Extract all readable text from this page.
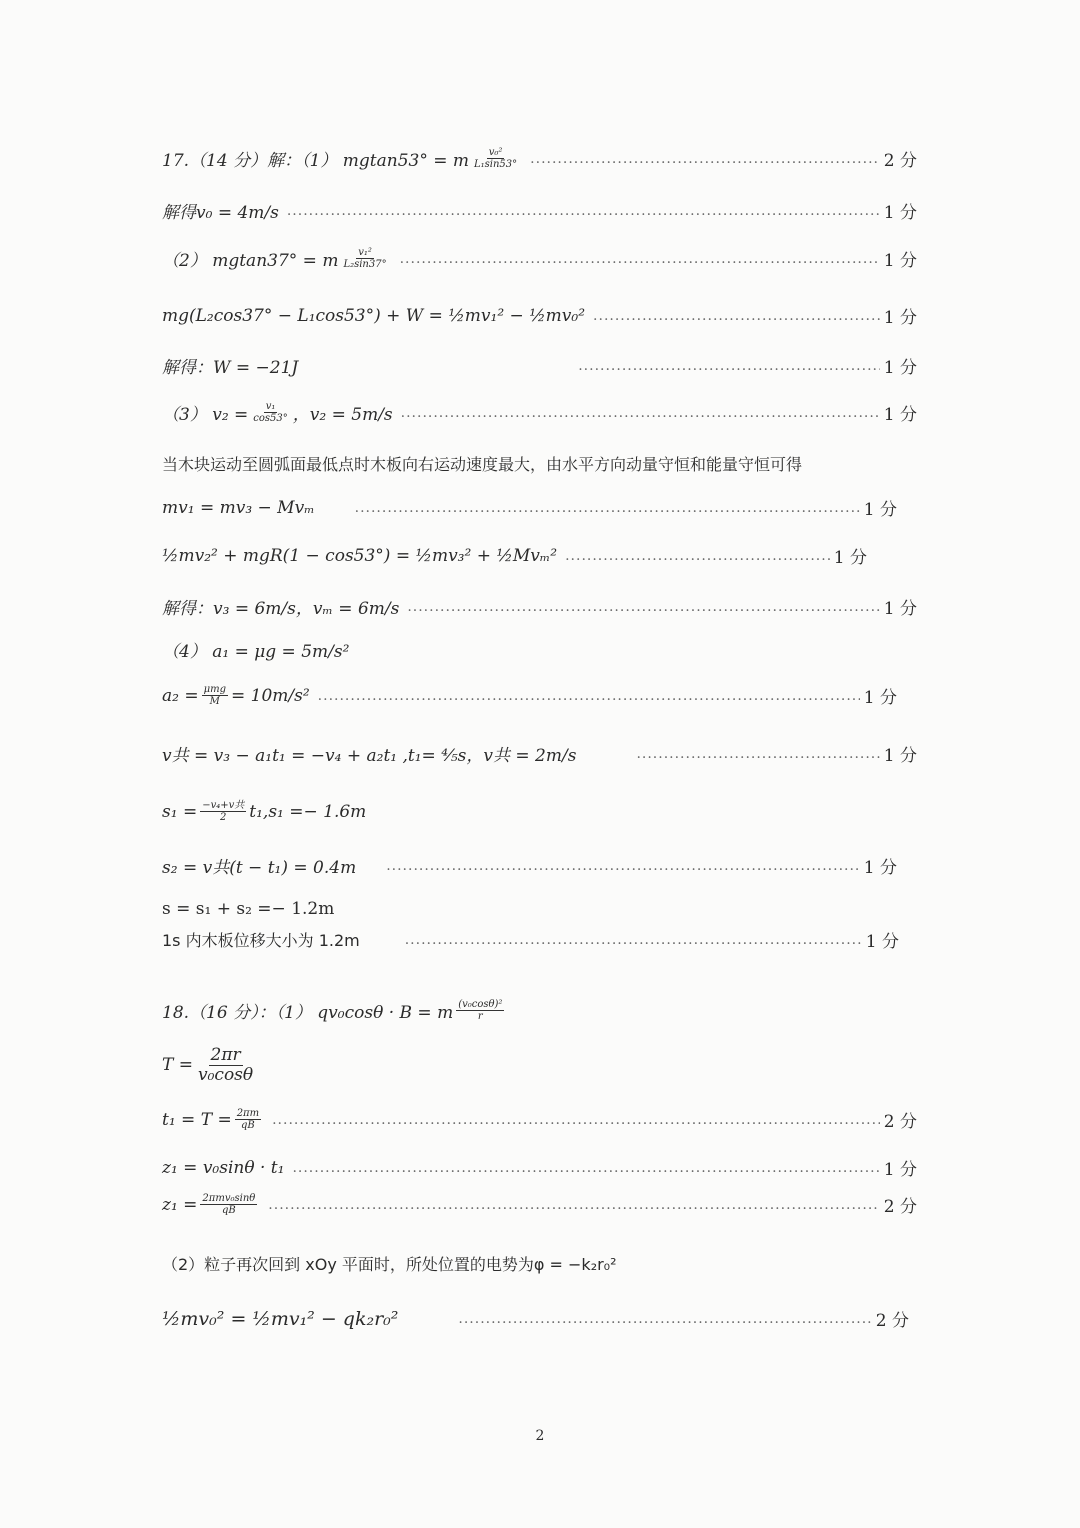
17.（14 分）解：（1） mgtan53° = m $\frac{\text{v₀²}}{\text{L₁sin53°}}$ .....	2 分
解得v₀ = 4m/s .....	1 分
（2） mgtan37° = m $\frac{\text{v₁²}}{\text{L₂sin37°}}$ .....	1 分
mg(L₂cos37° − L₁cos53°) + W = ½mv₁² − ½mv₀² .....	1 分
解得：W = −21J .....	1 分
（3） $v_2 = \frac{\text{v₁}}{\cos 53^\circ}$ ，v₂ = 5m/s .....	1 分
当木块运动至圆弧面最低点时木板向右运动速度最大，由水平方向动量守恒和能量守恒可得
mv₁ = mv₃ − Mvₘ .....	1 分
½mv₂² + mgR(1 − cos53°) = ½mv₃² + ½Mvₘ² .....	1 分
解得：v₃ = 6m/s，vₘ = 6m/s .....	1 分
（4） a₁ = μg = 5m/s²
$a_2 = \frac{\text{μmg}}{M} = 10m/s^2$ .....	1 分
v共 = v₃ − a₁t₁ = −v₄ + a₂t₁ ,t₁= ⁴⁄₅s，v共 = 2m/s .....	1 分
$s_1 = \frac{\text{−v₄+v共}}{2} t_1,s_1 =- 1.6m$
s₂ = v共(t − t₁) = 0.4m .....	1 分
s = s₁ + s₂ =− 1.2m
1s 内木板位移大小为 1.2m .....	1 分
18.（16 分）：（1） qv₀cosθ · B = m $\frac{\text{(v₀cosθ)²}}{r}$
$T = \frac{2\pi r}{\text{v₀cosθ}}$
$t_1 = T = \frac{2\pi m}{qB}$ .....	2 分
z₁ = v₀sinθ · t₁ .....	1 分
$z_1 = \frac{\text{2πmv₀sinθ}}{qB}$ .....	2 分
（2）粒子再次回到 xOy 平面时，所处位置的电势为φ = −k₂r₀²
½mv₀² = ½mv₁² − qk₂r₀² .....	2 分
2
